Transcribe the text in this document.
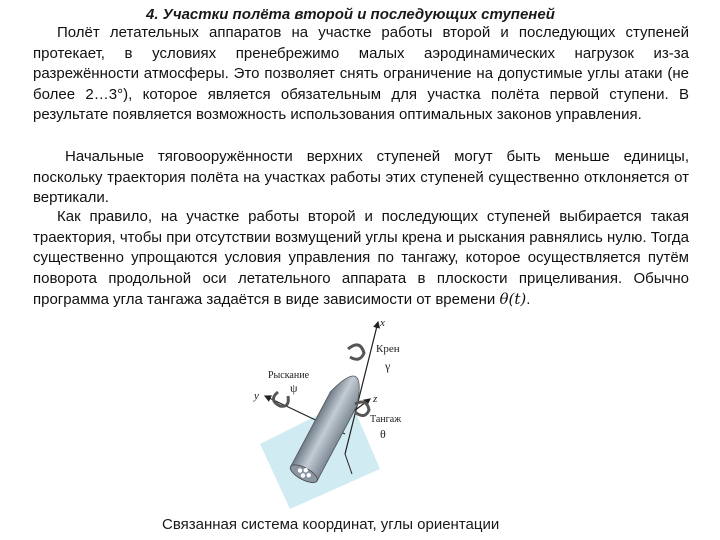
4. Участки полёта второй и последующих ступеней

Полёт летательных аппаратов на участке работы второй и последующих ступеней протекает, в условиях пренебрежимо малых аэродинамических нагрузок из-за разрежённости атмосферы. Это позволяет снять ограничение на допустимые углы атаки (не более 2…3°), которое является обязательным для участка полёта первой ступени. В результате появляется возможность использования оптимальных законов управления.

Начальные тяговооружённости верхних ступеней могут быть меньше единицы, поскольку траектория полёта на участках работы этих ступеней существенно отклоняется от вертикали.

Как правило, на участке работы второй и последующих ступеней выбирается такая траектория, чтобы при отсутствии возмущений углы крена и рыскания равнялись нулю. Тогда существенно упрощаются условия управления по тангажу, которое осуществляется путём поворота продольной оси летательного аппарата в плоскости прицеливания. Обычно программа угла тангажа задаётся в виде зависимости от времени θ(t).

x
y	z
Крен
γ
Рыскание
ψ
Тангаж
θ
Связанная система координат, углы ориентации
